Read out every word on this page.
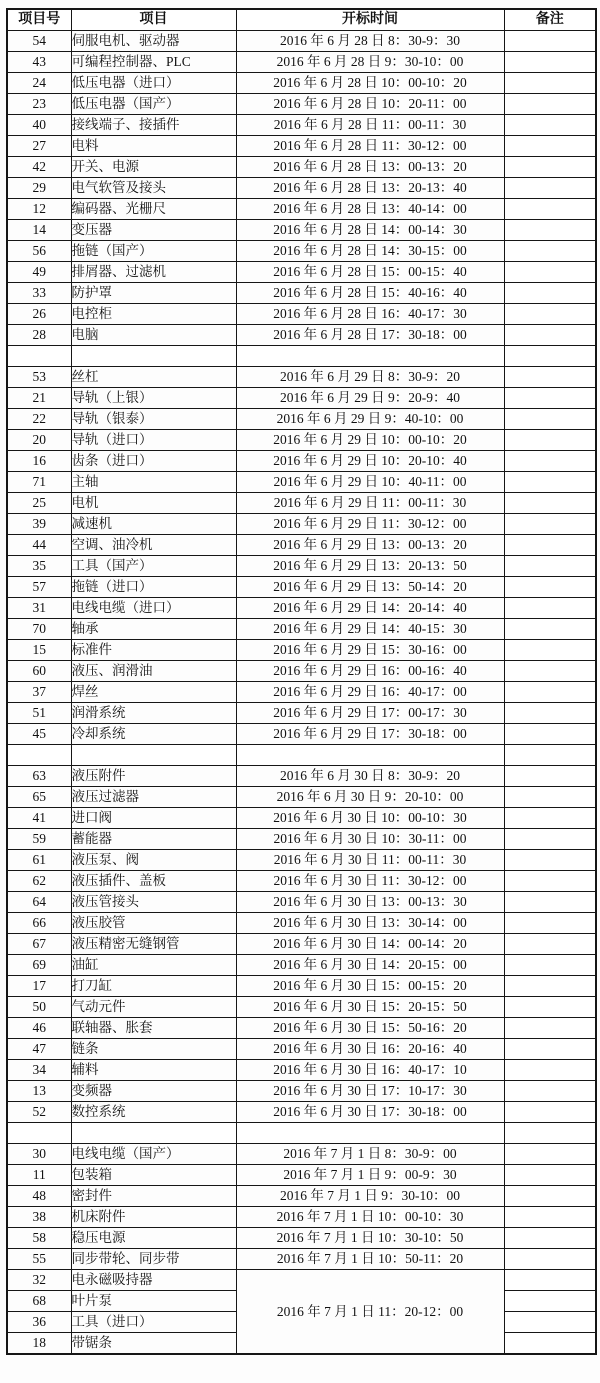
项目号	项目	开标时间	备注
54	伺服电机、驱动器	2016 年 6 月 28 日 8：30-9：30	
43	可编程控制器、PLC	2016 年 6 月 28 日 9：30-10：00	
24	低压电器（进口）	2016 年 6 月 28 日 10：00-10：20	
23	低压电器（国产）	2016 年 6 月 28 日 10：20-11：00	
40	接线端子、接插件	2016 年 6 月 28 日 11：00-11：30	
27	电料	2016 年 6 月 28 日 11：30-12：00	
42	开关、电源	2016 年 6 月 28 日 13：00-13：20	
29	电气软管及接头	2016 年 6 月 28 日 13：20-13：40	
12	编码器、光栅尺	2016 年 6 月 28 日 13：40-14：00	
14	变压器	2016 年 6 月 28 日 14：00-14：30	
56	拖链（国产）	2016 年 6 月 28 日 14：30-15：00	
49	排屑器、过滤机	2016 年 6 月 28 日 15：00-15：40	
33	防护罩	2016 年 6 月 28 日 15：40-16：40	
26	电控柜	2016 年 6 月 28 日 16：40-17：30	
28	电脑	2016 年 6 月 28 日 17：30-18：00	

53	丝杠	2016 年 6 月 29 日 8：30-9：20	
21	导轨（上银）	2016 年 6 月 29 日 9：20-9：40	
22	导轨（银泰）	2016 年 6 月 29 日 9：40-10：00	
20	导轨（进口）	2016 年 6 月 29 日 10：00-10：20	
16	齿条（进口）	2016 年 6 月 29 日 10：20-10：40	
71	主轴	2016 年 6 月 29 日 10：40-11：00	
25	电机	2016 年 6 月 29 日 11：00-11：30	
39	减速机	2016 年 6 月 29 日 11：30-12：00	
44	空调、油冷机	2016 年 6 月 29 日 13：00-13：20	
35	工具（国产）	2016 年 6 月 29 日 13：20-13：50	
57	拖链（进口）	2016 年 6 月 29 日 13：50-14：20	
31	电线电缆（进口）	2016 年 6 月 29 日 14：20-14：40	
70	轴承	2016 年 6 月 29 日 14：40-15：30	
15	标准件	2016 年 6 月 29 日 15：30-16：00	
60	液压、润滑油	2016 年 6 月 29 日 16：00-16：40	
37	焊丝	2016 年 6 月 29 日 16：40-17：00	
51	润滑系统	2016 年 6 月 29 日 17：00-17：30	
45	冷却系统	2016 年 6 月 29 日 17：30-18：00	

63	液压附件	2016 年 6 月 30 日 8：30-9：20	
65	液压过滤器	2016 年 6 月 30 日 9：20-10：00	
41	进口阀	2016 年 6 月 30 日 10：00-10：30	
59	蓄能器	2016 年 6 月 30 日 10：30-11：00	
61	液压泵、阀	2016 年 6 月 30 日 11：00-11：30	
62	液压插件、盖板	2016 年 6 月 30 日 11：30-12：00	
64	液压管接头	2016 年 6 月 30 日 13：00-13：30	
66	液压胶管	2016 年 6 月 30 日 13：30-14：00	
67	液压精密无缝钢管	2016 年 6 月 30 日 14：00-14：20	
69	油缸	2016 年 6 月 30 日 14：20-15：00	
17	打刀缸	2016 年 6 月 30 日 15：00-15：20	
50	气动元件	2016 年 6 月 30 日 15：20-15：50	
46	联轴器、胀套	2016 年 6 月 30 日 15：50-16：20	
47	链条	2016 年 6 月 30 日 16：20-16：40	
34	辅料	2016 年 6 月 30 日 16：40-17：10	
13	变频器	2016 年 6 月 30 日 17：10-17：30	
52	数控系统	2016 年 6 月 30 日 17：30-18：00	

30	电线电缆（国产）	2016 年 7 月 1 日 8：30-9：00	
11	包装箱	2016 年 7 月 1 日 9：00-9：30	
48	密封件	2016 年 7 月 1 日 9：30-10：00	
38	机床附件	2016 年 7 月 1 日 10：00-10：30	
58	稳压电源	2016 年 7 月 1 日 10：30-10：50	
55	同步带轮、同步带	2016 年 7 月 1 日 10：50-11：20	
32	电永磁吸持器	2016 年 7 月 1 日 11：20-12：00	
68	叶片泵		
36	工具（进口）		
18	带锯条		
